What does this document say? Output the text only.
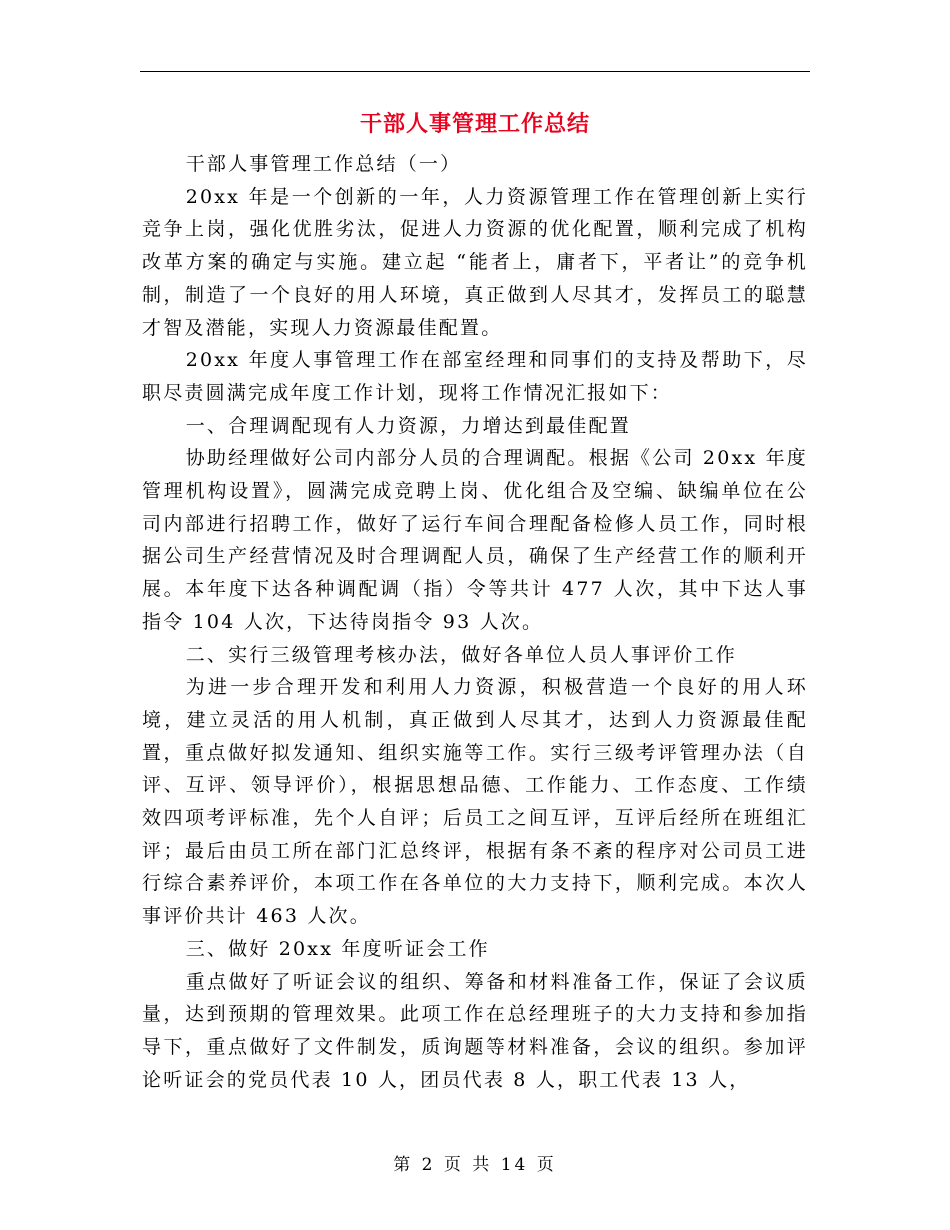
干部人事管理工作总结

干部人事管理工作总结（一）

20xx 年是一个创新的一年，人力资源管理工作在管理创新上实行竞争上岗，强化优胜劣汰，促进人力资源的优化配置，顺利完成了机构改革方案的确定与实施。建立起 “能者上，庸者下，平者让”的竞争机制，制造了一个良好的用人环境，真正做到人尽其才，发挥员工的聪慧才智及潜能，实现人力资源最佳配置。

20xx 年度人事管理工作在部室经理和同事们的支持及帮助下，尽职尽责圆满完成年度工作计划，现将工作情况汇报如下：

一、合理调配现有人力资源，力增达到最佳配置

协助经理做好公司内部分人员的合理调配。根据《公司 20xx 年度管理机构设置》，圆满完成竞聘上岗、优化组合及空编、缺编单位在公司内部进行招聘工作，做好了运行车间合理配备检修人员工作，同时根据公司生产经营情况及时合理调配人员，确保了生产经营工作的顺利开展。本年度下达各种调配调（指）令等共计 477 人次，其中下达人事指令 104 人次，下达待岗指令 93 人次。

二、实行三级管理考核办法，做好各单位人员人事评价工作

为进一步合理开发和利用人力资源，积极营造一个良好的用人环境，建立灵活的用人机制，真正做到人尽其才，达到人力资源最佳配置，重点做好拟发通知、组织实施等工作。实行三级考评管理办法（自评、互评、领导评价），根据思想品德、工作能力、工作态度、工作绩效四项考评标准，先个人自评；后员工之间互评，互评后经所在班组汇评；最后由员工所在部门汇总终评，根据有条不紊的程序对公司员工进行综合素养评价，本项工作在各单位的大力支持下，顺利完成。本次人事评价共计 463 人次。

三、做好 20xx 年度听证会工作

重点做好了听证会议的组织、筹备和材料准备工作，保证了会议质量，达到预期的管理效果。此项工作在总经理班子的大力支持和参加指导下，重点做好了文件制发，质询题等材料准备，会议的组织。参加评论听证会的党员代表 10 人，团员代表 8 人，职工代表 13 人，

第 2 页 共 14 页
